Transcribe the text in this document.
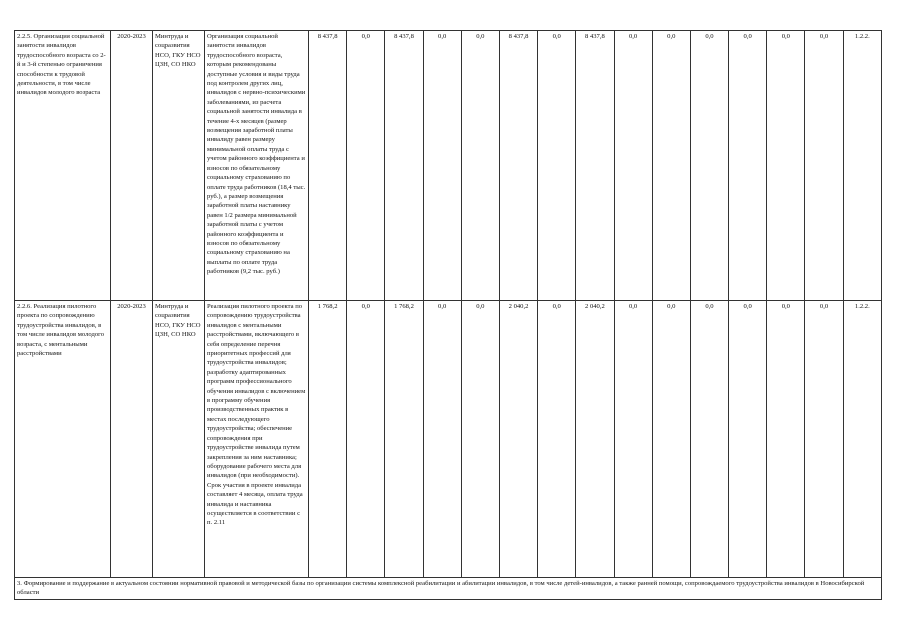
2.2.5. Организация социальной занятости инвалидов трудоспособного возраста со 2-й и 3-й степенью ограничения способности к трудовой деятельности, в том числе инвалидов молодого возраста	2020-2023	Минтруда и соцразвития НСО, ГКУ НСО ЦЗН, СО НКО	Организация социальной занятости инвалидов трудоспособного возраста, которым рекомендованы доступные условия и виды труда под контролем других лиц, инвалидов с нервно-психическими заболеваниями, из расчета социальной занятости инвалида в течение 4-х месяцев (размер возмещения заработной платы инвалиду равен размеру минимальной оплаты труда с учетом районного коэффициента и взносов по обязательному социальному страхованию по оплате труда работников (18,4 тыс. руб.), а размер возмещения заработной платы наставнику равен 1/2 размера минимальной заработной платы с учетом районного коэффициента и взносов по обязательному социальному страхованию на выплаты по оплате труда работников (9,2 тыс. руб.)	8 437,8	0,0	8 437,8	0,0	0,0	8 437,8	0,0	8 437,8	0,0	0,0	0,0	0,0	0,0	0,0	1.2.2.
2.2.6. Реализация пилотного проекта по сопровождению трудоустройства инвалидов, в том числе инвалидов молодого возраста, с ментальными расстройствами	2020-2023	Минтруда и соцразвития НСО, ГКУ НСО ЦЗН, СО НКО	Реализация пилотного проекта по сопровождению трудоустройства инвалидов с ментальными расстройствами, включающего в себя определение перечня приоритетных профессий для трудоустройства инвалидов; разработку адаптированных программ профессионального обучения инвалидов с включением в программу обучения производственных практик в местах последующего трудоустройства; обеспечение сопровождения при трудоустройстве инвалида путем закрепления за ним наставника; оборудование рабочего места для инвалидов (при необходимости). Срок участия в проекте инвалида составляет 4 месяца, оплата труда инвалида и наставника осуществляется в соответствии с п. 2.11	1 768,2	0,0	1 768,2	0,0	0,0	2 040,2	0,0	2 040,2	0,0	0,0	0,0	0,0	0,0	0,0	1.2.2.
3. Формирование и поддержание в актуальном состоянии нормативной правовой и методической базы по организации системы комплексной реабилитации и абилитации инвалидов, в том числе детей-инвалидов, а также ранней помощи, сопровождаемого трудоустройства инвалидов в Новосибирской области																		
